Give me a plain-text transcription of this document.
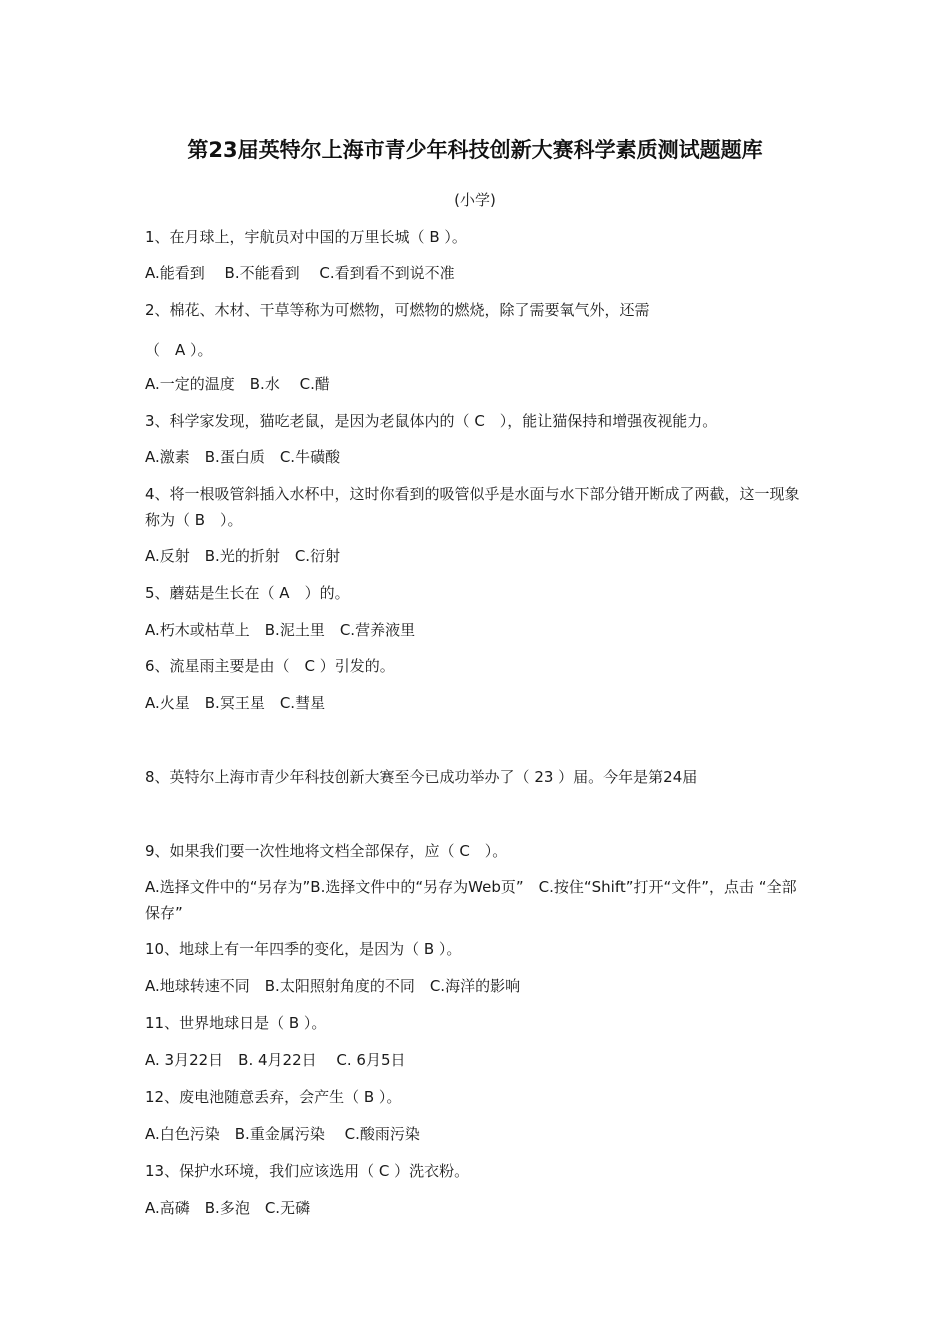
第23届英特尔上海市青少年科技创新大赛科学素质测试题题库
(小学)
1、在月球上，宇航员对中国的万里长城（ B ）。
A.能看到 　B.不能看到　 C.看到看不到说不准
2、棉花、木材、干草等称为可燃物，可燃物的燃烧，除了需要氧气外，还需
（　A ）。
A.一定的温度　B.水　 C.醋
3、科学家发现，猫吃老鼠，是因为老鼠体内的（ C　），能让猫保持和增强夜视能力。
A.激素　B.蛋白质　C.牛磺酸
4、将一根吸管斜插入水杯中，这时你看到的吸管似乎是水面与水下部分错开断成了两截，这一现象称为（ B　）。
A.反射　B.光的折射　C.衍射
5、蘑菇是生长在（ A　）的。
A.朽木或枯草上　B.泥土里　C.营养液里
6、流星雨主要是由（　C ）引发的。
A.火星　B.冥王星　C.彗星
8、英特尔上海市青少年科技创新大赛至今已成功举办了（ 23 ）届。今年是第24届
9、如果我们要一次性地将文档全部保存，应（ C　）。
A.选择文件中的“另存为”B.选择文件中的“另存为Web页”　C.按住“Shift”打开“文件”，点击 “全部保存”
10、地球上有一年四季的变化，是因为（ B ）。
A.地球转速不同　B.太阳照射角度的不同　C.海洋的影响
11、世界地球日是（ B ）。
A. 3月22日　B. 4月22日　 C. 6月5日
12、废电池随意丢弃，会产生（ B ）。
A.白色污染　B.重金属污染　 C.酸雨污染
13、保护水环境，我们应该选用（ C ）洗衣粉。
A.高磷　B.多泡　C.无磷
